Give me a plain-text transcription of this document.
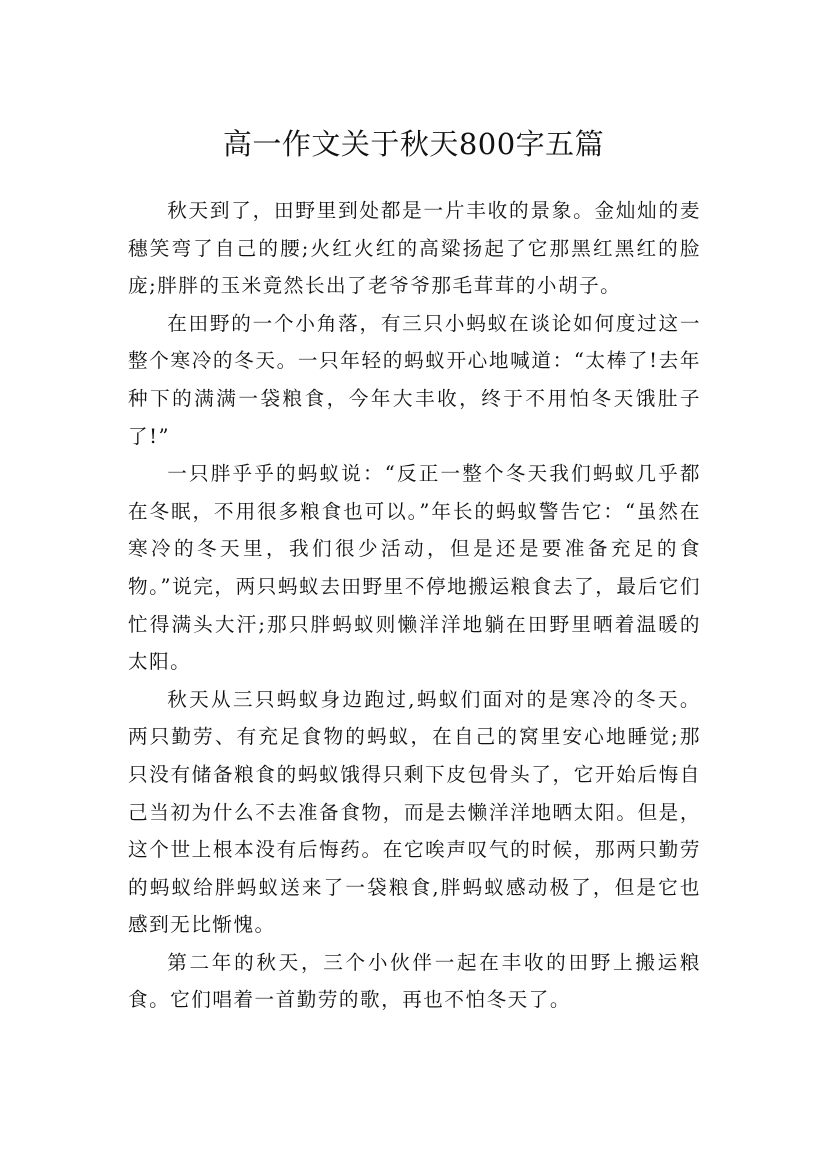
高一作文关于秋天800字五篇

秋天到了，田野里到处都是一片丰收的景象。金灿灿的麦穗笑弯了自己的腰;火红火红的高粱扬起了它那黑红黑红的脸庞;胖胖的玉米竟然长出了老爷爷那毛茸茸的小胡子。

在田野的一个小角落，有三只小蚂蚁在谈论如何度过这一整个寒冷的冬天。一只年轻的蚂蚁开心地喊道：“太棒了!去年种下的满满一袋粮食，今年大丰收，终于不用怕冬天饿肚子了!”

一只胖乎乎的蚂蚁说：“反正一整个冬天我们蚂蚁几乎都在冬眠，不用很多粮食也可以。”年长的蚂蚁警告它：“虽然在寒冷的冬天里，我们很少活动，但是还是要准备充足的食物。”说完，两只蚂蚁去田野里不停地搬运粮食去了，最后它们忙得满头大汗;那只胖蚂蚁则懒洋洋地躺在田野里晒着温暖的太阳。

秋天从三只蚂蚁身边跑过,蚂蚁们面对的是寒冷的冬天。两只勤劳、有充足食物的蚂蚁，在自己的窝里安心地睡觉;那只没有储备粮食的蚂蚁饿得只剩下皮包骨头了，它开始后悔自己当初为什么不去准备食物，而是去懒洋洋地晒太阳。但是，这个世上根本没有后悔药。在它唉声叹气的时候，那两只勤劳的蚂蚁给胖蚂蚁送来了一袋粮食,胖蚂蚁感动极了，但是它也感到无比惭愧。

第二年的秋天，三个小伙伴一起在丰收的田野上搬运粮食。它们唱着一首勤劳的歌，再也不怕冬天了。
